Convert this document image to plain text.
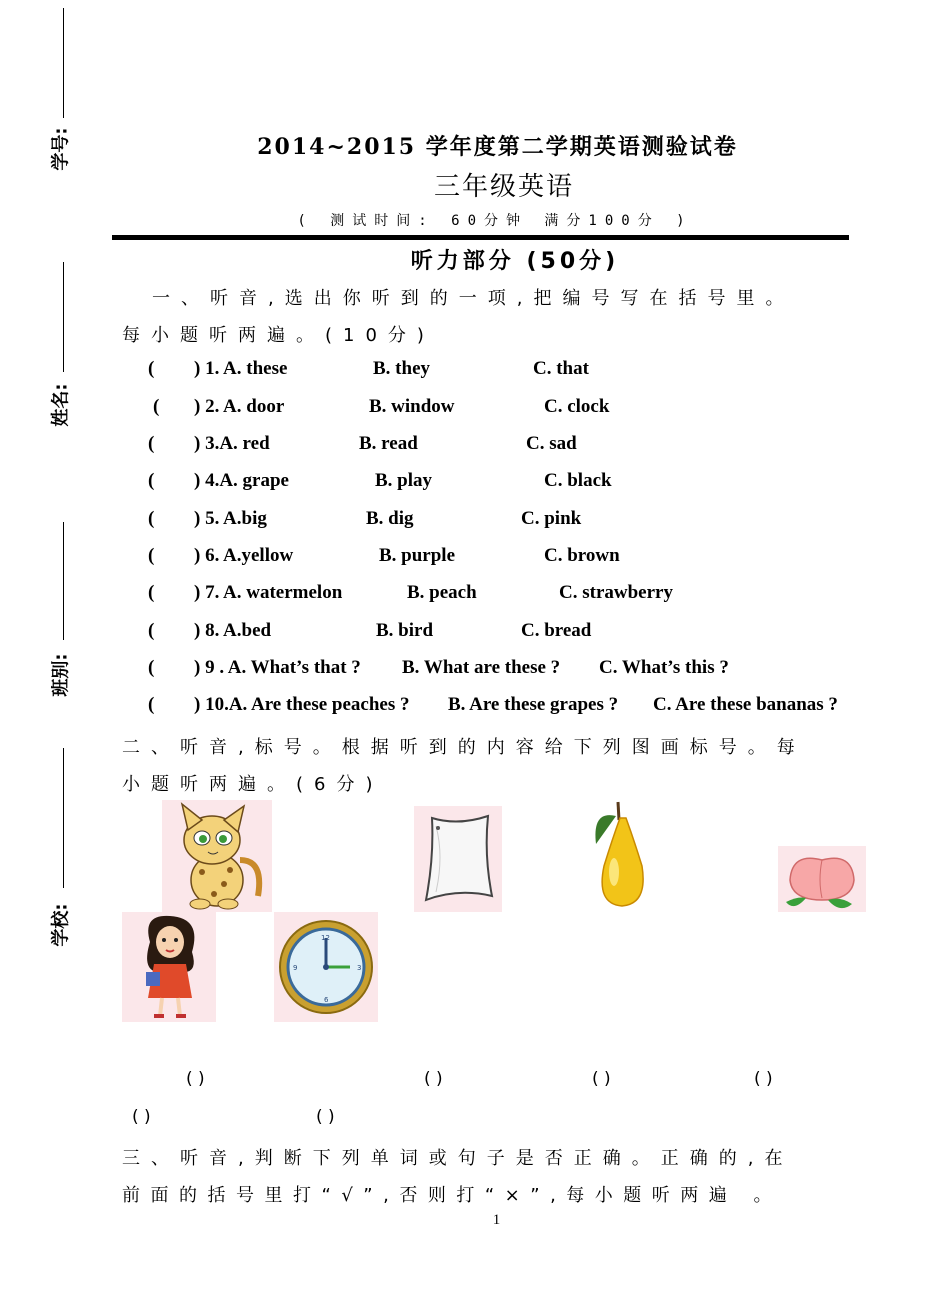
学号:
姓名:
班别:
学校:
2014~2015 学年度第二学期英语测验试卷
三年级英语
( 测试时间: 60分钟 满分100分 )
听力部分 (50分)
一、听音,选出你听到的一项,把编号写在括号里。
每小题听两遍。(10分)
( ) 1. A. these	B. they	C. that
( ) 2. A. door	B. window	C. clock
( ) 3.A. red	B. read	C. sad
( ) 4.A. grape	B. play	C. black
( ) 5. A.big	B. dig	C. pink
( ) 6. A.yellow	B. purple	C. brown
( ) 7. A. watermelon	B. peach	C. strawberry
( ) 8. A.bed	B. bird	C. bread
( ) 9 . A. What’s that ? B. What are these ? C. What’s this ?
( ) 10.A. Are these peaches ? B. Are these grapes ? C. Are these bananas ?
二、听音,标号。根据听到的内容给下列图画标号。每
小题听两遍。(6分)
12
3
6
9
( )	( )	( )	( )
( )	( )
三、听音,判断下列单词或句子是否正确。正确的,在
前面的括号里打“√”,否则打“×”,每小题听两遍 。
1
